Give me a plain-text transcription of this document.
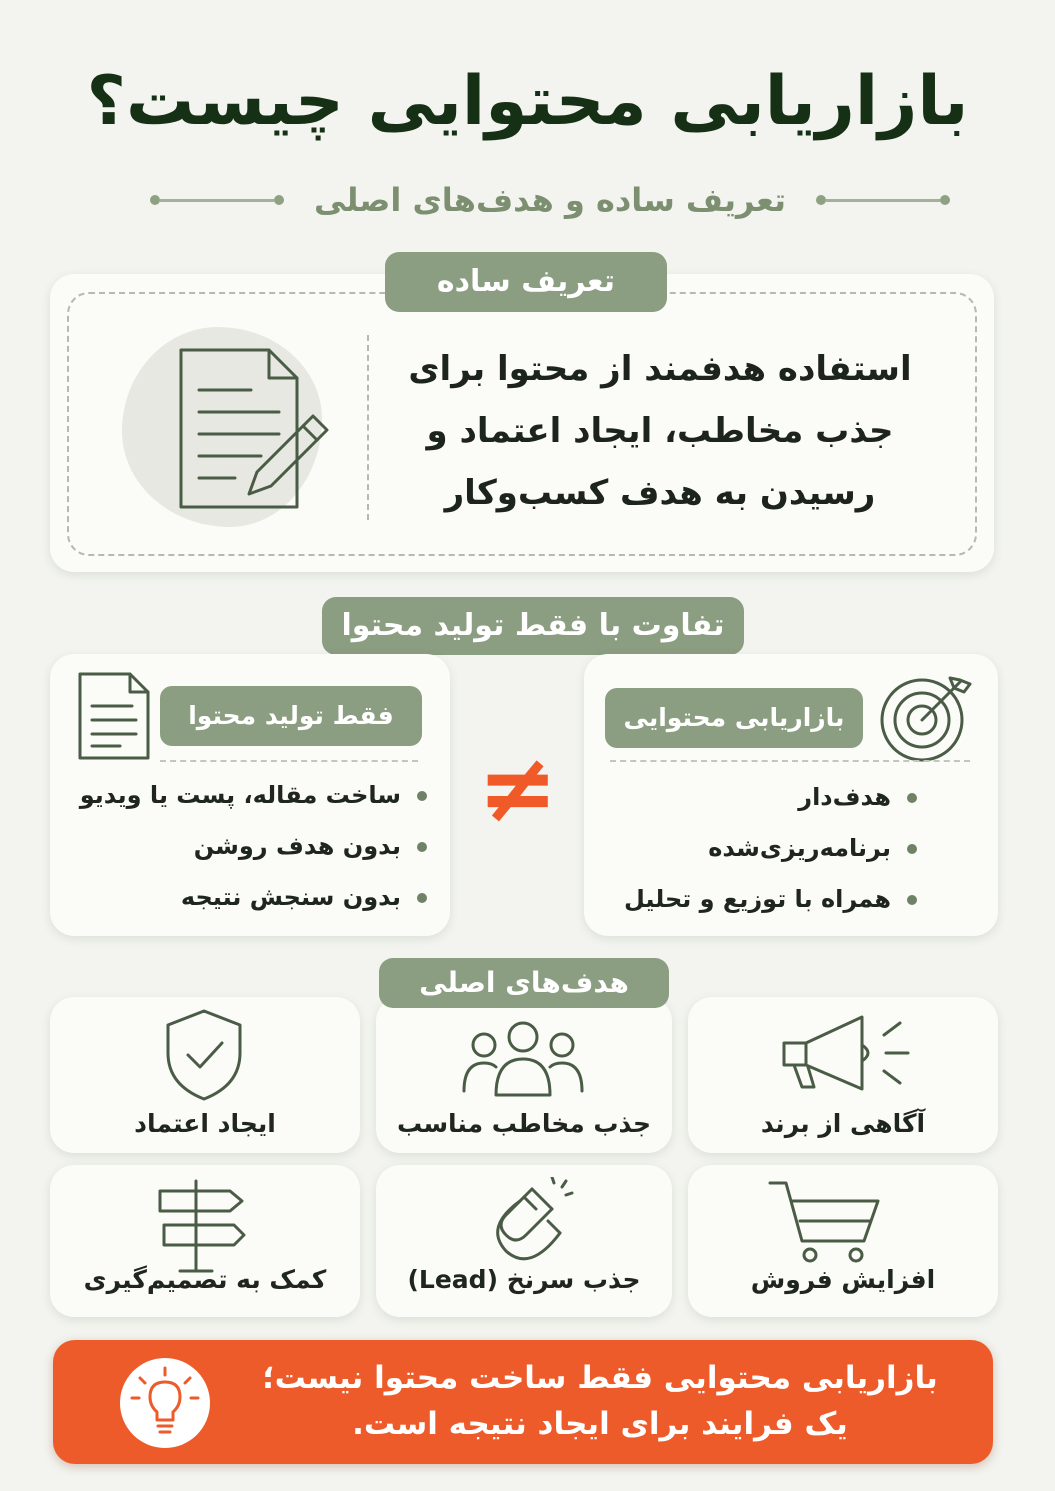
بازاریابی محتوایی چیست؟
تعریف ساده و هدف‌های اصلی
تعریف ساده
استفاده هدفمند از محتوا برای
جذب مخاطب، ایجاد اعتماد و
رسیدن به هدف کسب‌وکار
تفاوت با فقط تولید محتوا
بازاریابی محتوایی
هدف‌دار
برنامه‌ریزی‌شده
همراه با توزیع و تحلیل
≠
فقط تولید محتوا
ساخت مقاله، پست یا ویدیو
بدون هدف روشن
بدون سنجش نتیجه
آگاهی از برند
جذب مخاطب مناسب
ایجاد اعتماد
هدف‌های اصلی
افزایش فروش
جذب سرنخ (Lead)
کمک به تصمیم‌گیری
بازاریابی محتوایی فقط ساخت محتوا نیست؛
یک فرایند برای ایجاد نتیجه است.
